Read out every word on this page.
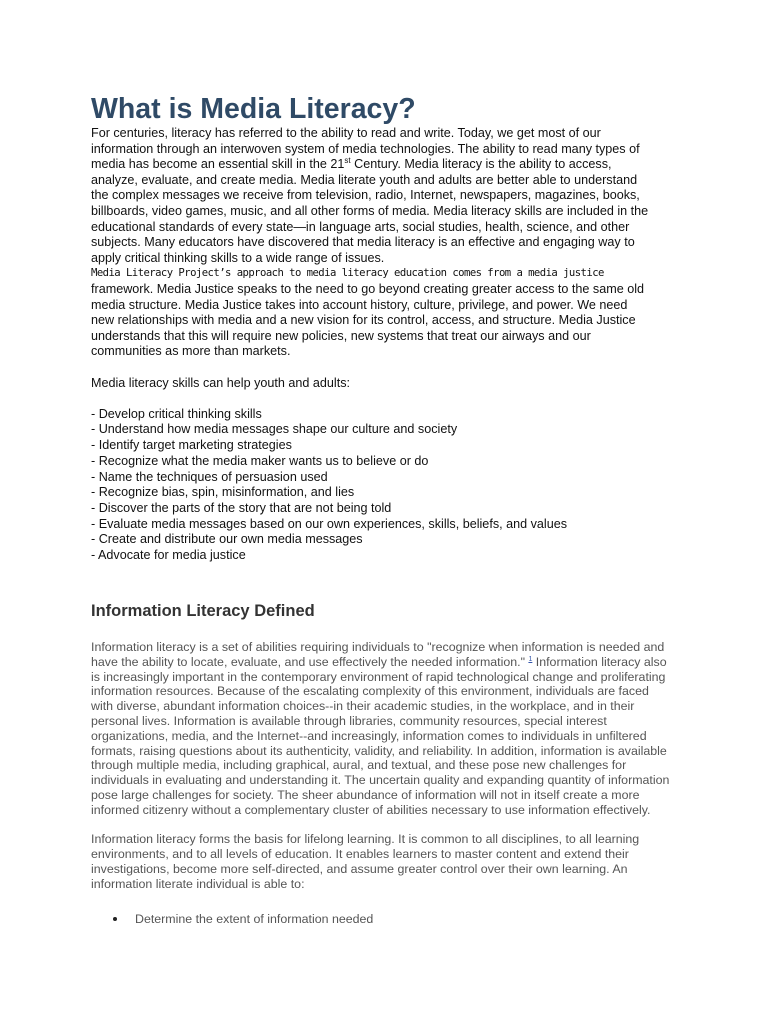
What is Media Literacy?
For centuries, literacy has referred to the ability to read and write. Today, we get most of our
information through an interwoven system of media technologies. The ability to read many types of
media has become an essential skill in the 21st Century. Media literacy is the ability to access,
analyze, evaluate, and create media. Media literate youth and adults are better able to understand
the complex messages we receive from television, radio, Internet, newspapers, magazines, books,
billboards, video games, music, and all other forms of media. Media literacy skills are included in the
educational standards of every state—in language arts, social studies, health, science, and other
subjects. Many educators have discovered that media literacy is an effective and engaging way to
apply critical thinking skills to a wide range of issues.
Media Literacy Project’s approach to media literacy education comes from a media justice
framework. Media Justice speaks to the need to go beyond creating greater access to the same old
media structure. Media Justice takes into account history, culture, privilege, and power. We need
new relationships with media and a new vision for its control, access, and structure. Media Justice
understands that this will require new policies, new systems that treat our airways and our
communities as more than markets.
Media literacy skills can help youth and adults:
- Develop critical thinking skills
- Understand how media messages shape our culture and society
- Identify target marketing strategies
- Recognize what the media maker wants us to believe or do
- Name the techniques of persuasion used
- Recognize bias, spin, misinformation, and lies
- Discover the parts of the story that are not being told
- Evaluate media messages based on our own experiences, skills, beliefs, and values
- Create and distribute our own media messages
- Advocate for media justice
Information Literacy Defined

Information literacy is a set of abilities requiring individuals to "recognize when information is needed and
have the ability to locate, evaluate, and use effectively the needed information." $^1$ Information literacy also
is increasingly important in the contemporary environment of rapid technological change and proliferating
information resources. Because of the escalating complexity of this environment, individuals are faced
with diverse, abundant information choices--in their academic studies, in the workplace, and in their
personal lives. Information is available through libraries, community resources, special interest
organizations, media, and the Internet--and increasingly, information comes to individuals in unfiltered
formats, raising questions about its authenticity, validity, and reliability. In addition, information is available
through multiple media, including graphical, aural, and textual, and these pose new challenges for
individuals in evaluating and understanding it. The uncertain quality and expanding quantity of information
pose large challenges for society. The sheer abundance of information will not in itself create a more
informed citizenry without a complementary cluster of abilities necessary to use information effectively.

Information literacy forms the basis for lifelong learning. It is common to all disciplines, to all learning
environments, and to all levels of education. It enables learners to master content and extend their
investigations, become more self-directed, and assume greater control over their own learning. An
information literate individual is able to:

Determine the extent of information needed
